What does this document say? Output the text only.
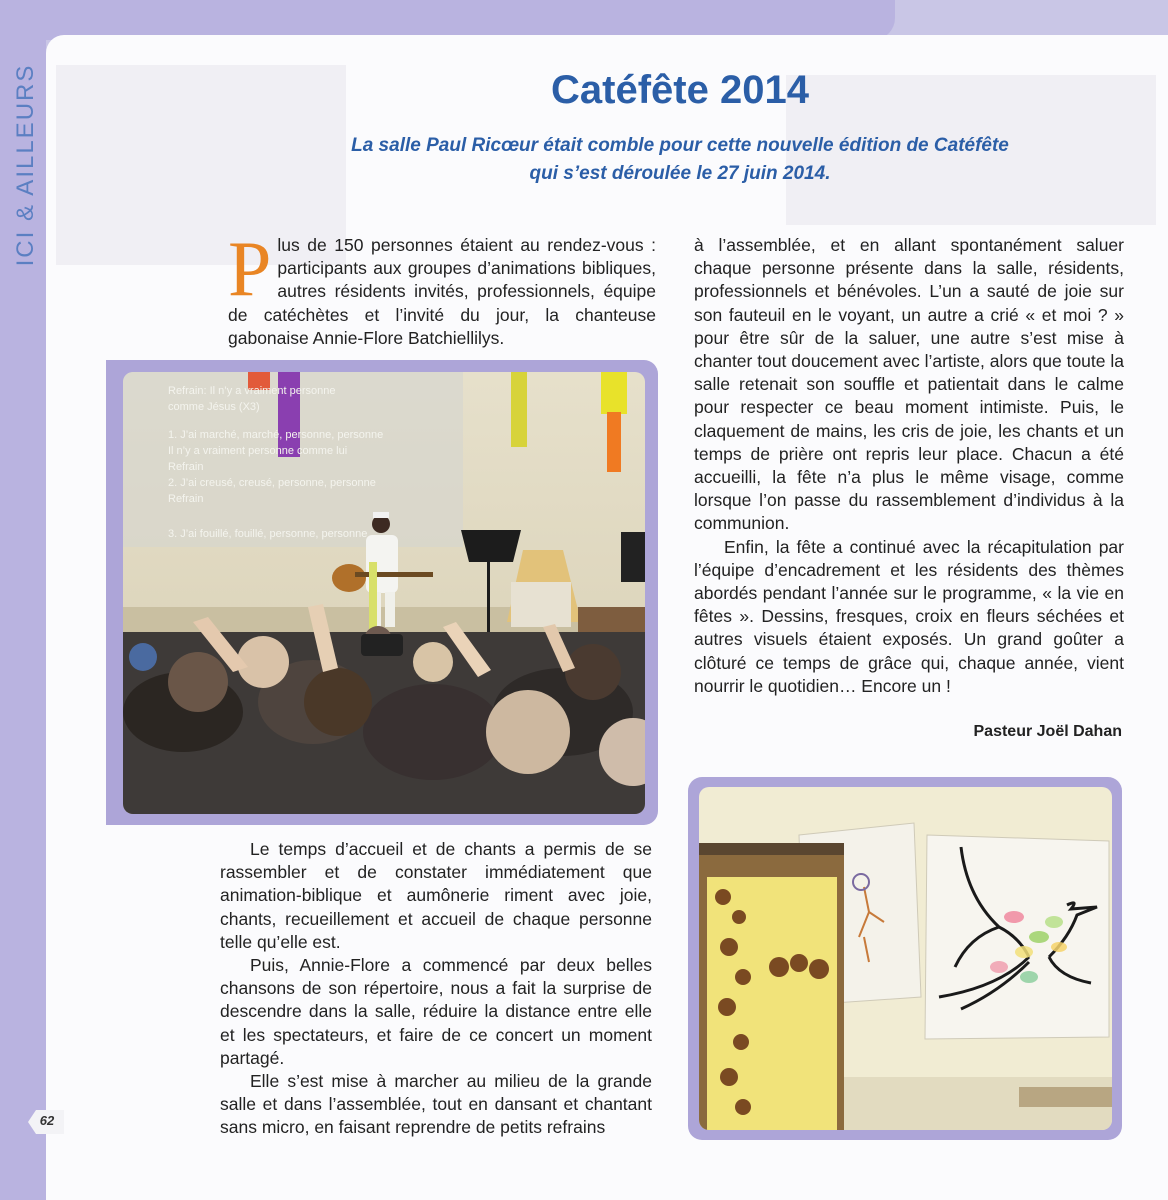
ICI & AILLEURS	Catéfête 2014
La salle Paul Ricœur était comble pour cette nouvelle édition de Catéfête
qui s’est déroulée le 27 juin 2014.
P lus de 150 personnes étaient au rendez-vous : participants aux groupes d’animations bibliques, autres résidents invités, professionnels, équipe de catéchètes et l’invité du jour, la chanteuse gabonaise Annie-Flore Batchiellilys.
Refrain: Il n’y a vraiment personne
comme Jésus (X3)
1. J’ai marché, marché, personne, personne
Il n’y a vraiment personne comme lui
Refrain
2. J’ai creusé, creusé, personne, personne
Refrain
3. J’ai fouillé, fouillé, personne, personne

Le temps d’accueil et de chants a permis de se rassembler et de constater immédiatement que animation-biblique et aumônerie riment avec joie, chants, recueillement et accueil de chaque personne telle qu’elle est.

Puis, Annie-Flore a commencé par deux belles chansons de son répertoire, nous a fait la surprise de descendre dans la salle, réduire la distance entre elle et les spectateurs, et faire de ce concert un moment partagé.

Elle s’est mise à marcher au milieu de la grande salle et dans l’assemblée, tout en dansant et chantant sans micro, en faisant reprendre de petits refrains

à l’assemblée, et en allant spontanément saluer chaque personne présente dans la salle, résidents, professionnels et bénévoles. L’un a sauté de joie sur son fauteuil en le voyant, un autre a crié « et moi ? » pour être sûr de la saluer, une autre s’est mise à chanter tout doucement avec l’artiste, alors que toute la salle retenait son souffle et patientait dans le calme pour respecter ce beau moment intimiste. Puis, le claquement de mains, les cris de joie, les chants et un temps de prière ont repris leur place. Chacun a été accueilli, la fête n’a plus le même visage, comme lorsque l’on passe du rassemblement d’individus à la communion.

Enfin, la fête a continué avec la récapitulation par l’équipe d’encadrement et les résidents des thèmes abordés pendant l’année sur le programme, « la vie en fêtes ». Dessins, fresques, croix en fleurs séchées et autres visuels étaient exposés. Un grand goûter a clôturé ce temps de grâce qui, chaque année, vient nourrir le quotidien… Encore un !

Pasteur Joël Dahan
62
